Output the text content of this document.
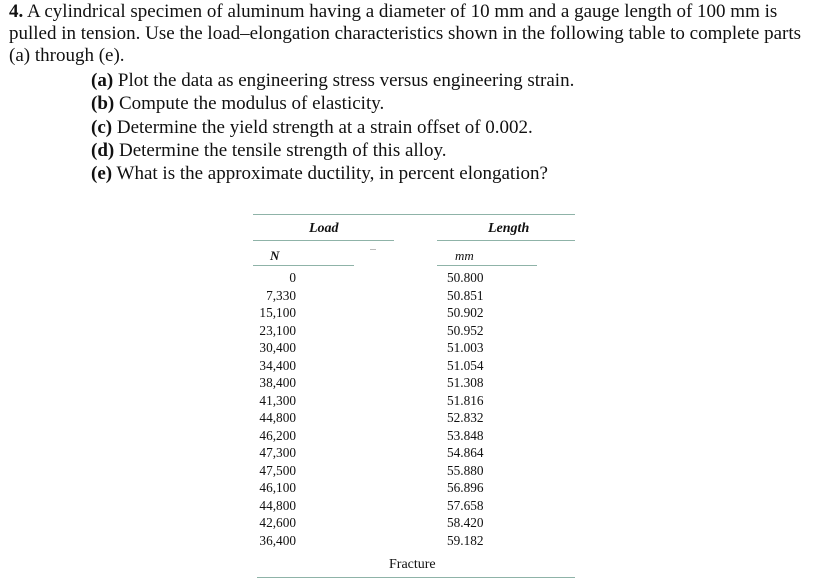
4. A cylindrical specimen of aluminum having a diameter of 10 mm and a gauge length of 100 mm is pulled in tension. Use the load–elongation characteristics shown in the following table to complete parts (a) through (e).
(a) Plot the data as engineering stress versus engineering strain.
(b) Compute the modulus of elasticity.
(c) Determine the yield strength at a strain offset of 0.002.
(d) Determine the tensile strength of this alloy.
(e) What is the approximate ductility, in percent elongation?
Load	Length
N	mm
0
7,330
15,100
23,100
30,400
34,400
38,400
41,300
44,800
46,200
47,300
47,500
46,100
44,800
42,600
36,400
50.800
50.851
50.902
50.952
51.003
51.054
51.308
51.816
52.832
53.848
54.864
55.880
56.896
57.658
58.420
59.182
Fracture
